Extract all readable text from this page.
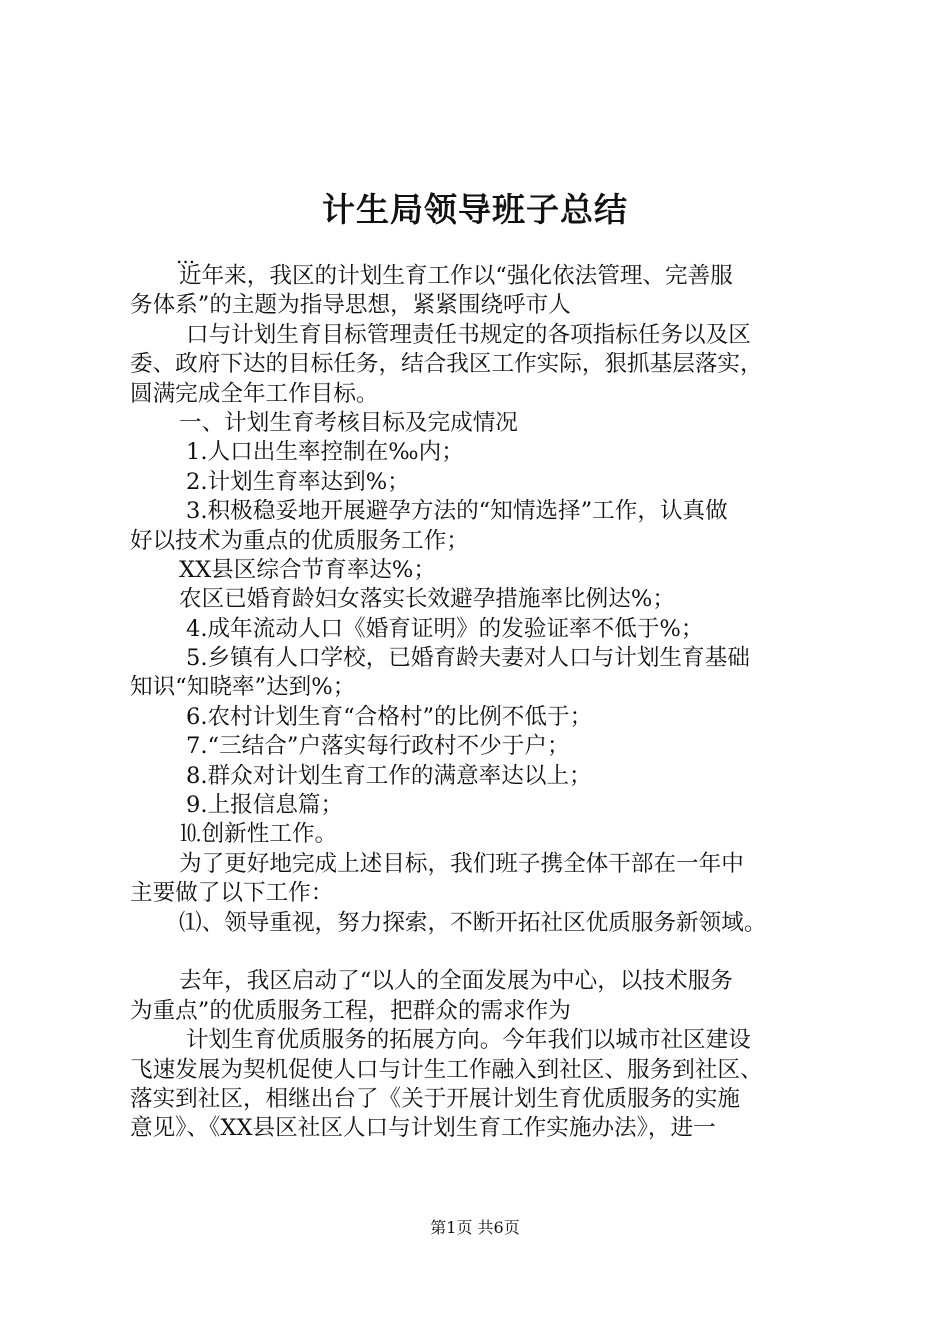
计生局领导班子总结
...
近年来，我区的计划生育工作以“强化依法管理、完善服
务体系”的主题为指导思想，紧紧围绕呼市人
口与计划生育目标管理责任书规定的各项指标任务以及区
委、政府下达的目标任务，结合我区工作实际，狠抓基层落实，
圆满完成全年工作目标。
一、计划生育考核目标及完成情况
1.人口出生率控制在‰内；
2.计划生育率达到%；
3.积极稳妥地开展避孕方法的“知情选择”工作，认真做
好以技术为重点的优质服务工作；
XX县区综合节育率达%；
农区已婚育龄妇女落实长效避孕措施率比例达%；
4.成年流动人口《婚育证明》的发验证率不低于%；
5.乡镇有人口学校，已婚育龄夫妻对人口与计划生育基础
知识“知晓率”达到%；
6.农村计划生育“合格村”的比例不低于；
7.“三结合”户落实每行政村不少于户；
8.群众对计划生育工作的满意率达以上；
9.上报信息篇；
⒑创新性工作。
为了更好地完成上述目标，我们班子携全体干部在一年中
主要做了以下工作：
⑴、领导重视，努力探索，不断开拓社区优质服务新领域。
去年，我区启动了“以人的全面发展为中心，以技术服务
为重点”的优质服务工程，把群众的需求作为
计划生育优质服务的拓展方向。今年我们以城市社区建设
飞速发展为契机促使人口与计生工作融入到社区、服务到社区、
落实到社区，相继出台了《关于开展计划生育优质服务的实施
意见》、《XX县区社区人口与计划生育工作实施办法》，进一
第1页 共6页
